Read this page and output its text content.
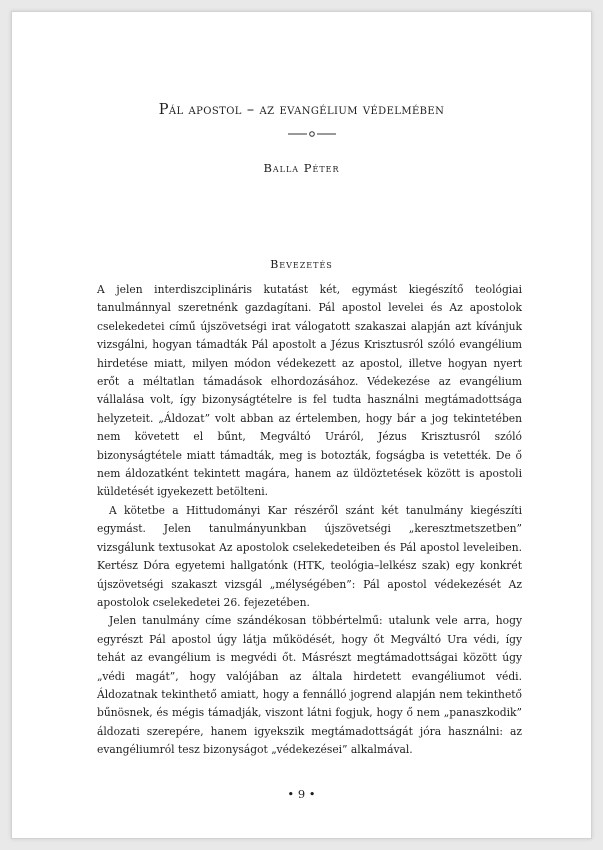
Pál apostol – az evangélium védelmében
Balla Péter
Bevezetés

A jelen interdiszciplináris kutatást két, egymást kiegészítő teológiai tanulmánnyal szeretnénk gazdagítani. Pál apostol levelei és Az apostolok cselekedetei című újszövetségi irat válogatott szakaszai alapján azt kívánjuk vizsgálni, hogyan támadták Pál apostolt a Jézus Krisztusról szóló evangélium hirdetése miatt, milyen módon védekezett az apostol, illetve hogyan nyert erőt a méltatlan támadások elhordozásához. Védekezése az evangélium vállalása volt, így bizonyságtételre is fel tudta használni megtámadottsága helyzeteit. „Áldozat” volt abban az értelemben, hogy bár a jog tekintetében nem követett el bűnt, Megváltó Uráról, Jézus Krisztusról szóló bizonyságtétele miatt támadták, meg is botozták, fogságba is vetették. De ő nem áldozatként tekintett magára, hanem az üldöztetések között is apostoli küldetését igyekezett betölteni.

A kötetbe a Hittudományi Kar részéről szánt két tanulmány kiegészíti egymást. Jelen tanulmányunkban újszövetségi „keresztmetszetben” vizsgálunk textusokat Az apostolok cselekedeteiben és Pál apostol leveleiben. Kertész Dóra egyetemi hallgatónk (HTK, teológia–lelkész szak) egy konkrét újszövetségi szakaszt vizsgál „mélységében”: Pál apostol védekezését Az apostolok cselekedetei 26. fejezetében.

Jelen tanulmány címe szándékosan többértelmű: utalunk vele arra, hogy egyrészt Pál apostol úgy látja működését, hogy őt Megváltó Ura védi, így tehát az evangélium is megvédi őt. Másrészt megtámadottságai között úgy „védi magát”, hogy valójában az általa hirdetett evangéliumot védi. Áldozatnak tekinthető amiatt, hogy a fennálló jogrend alapján nem tekinthető bűnösnek, és mégis támadják, viszont látni fogjuk, hogy ő nem „panaszkodik” áldozati szerepére, hanem igyekszik megtámadottságát jóra használni: az evangéliumról tesz bizonyságot „védekezései” alkalmával.

• 9 •
